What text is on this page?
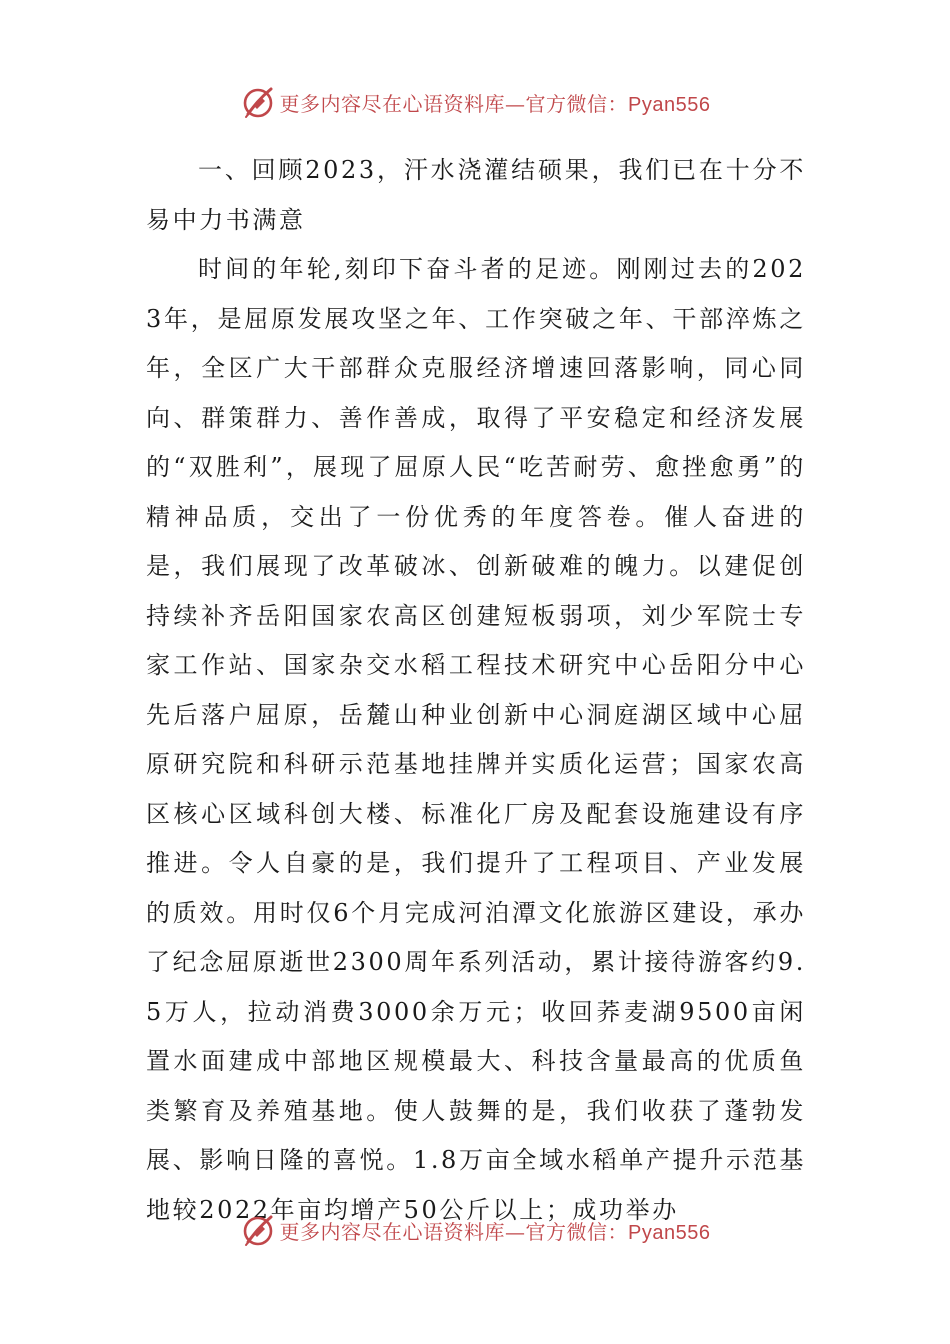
更多内容尽在心语资料库—官方微信：Pyan556

一、回顾2023，汗水浇灌结硕果，我们已在十分不易中力书满意

时间的年轮,刻印下奋斗者的足迹。刚刚过去的2023年，是屈原发展攻坚之年、工作突破之年、干部淬炼之年，全区广大干部群众克服经济增速回落影响，同心同向、群策群力、善作善成，取得了平安稳定和经济发展的“双胜利”，展现了屈原人民“吃苦耐劳、愈挫愈勇”的精神品质，交出了一份优秀的年度答卷。催人奋进的是，我们展现了改革破冰、创新破难的魄力。以建促创持续补齐岳阳国家农高区创建短板弱项，刘少军院士专家工作站、国家杂交水稻工程技术研究中心岳阳分中心先后落户屈原，岳麓山种业创新中心洞庭湖区域中心屈原研究院和科研示范基地挂牌并实质化运营；国家农高区核心区域科创大楼、标准化厂房及配套设施建设有序推进。令人自豪的是，我们提升了工程项目、产业发展的质效。用时仅6个月完成河泊潭文化旅游区建设，承办了纪念屈原逝世2300周年系列活动，累计接待游客约9.5万人，拉动消费3000余万元；收回荞麦湖9500亩闲置水面建成中部地区规模最大、科技含量最高的优质鱼类繁育及养殖基地。使人鼓舞的是，我们收获了蓬勃发展、影响日隆的喜悦。1.8万亩全域水稻单产提升示范基地较2022年亩均增产50公斤以上；成功举办

更多内容尽在心语资料库—官方微信：Pyan556
